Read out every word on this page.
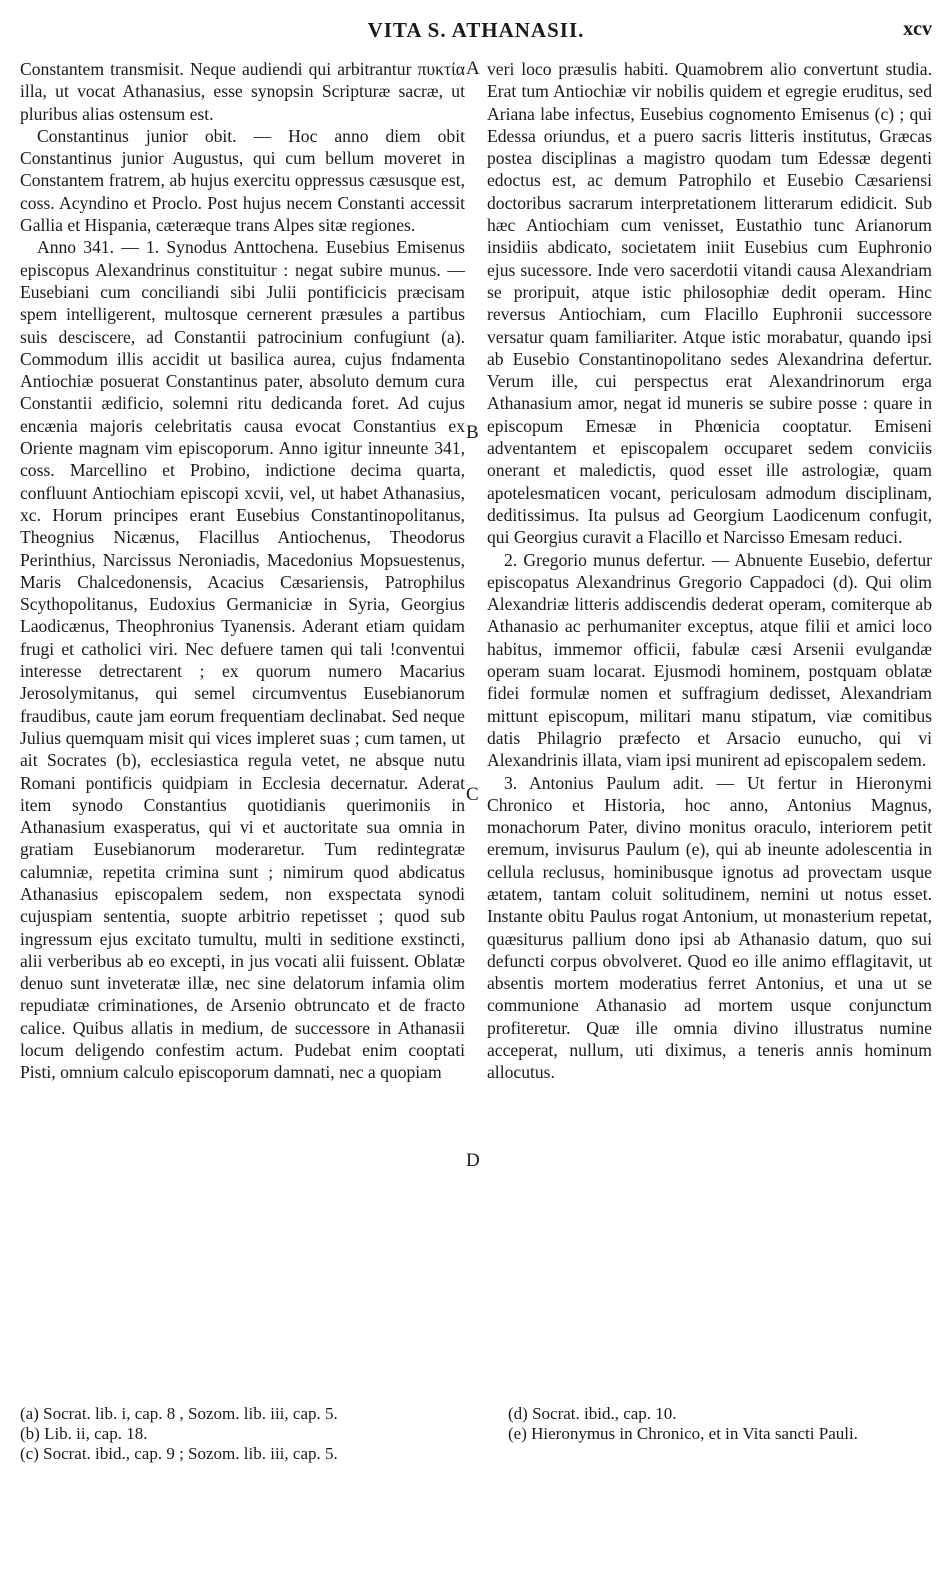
VITA S. ATHANASII.	xcv

Constantem transmisit. Neque audiendi qui arbitrantur πυκτία illa, ut vocat Athanasius, esse synopsin Scripturæ sacræ, ut pluribus alias ostensum est.

Constantinus junior obit. — Hoc anno diem obit Constantinus junior Augustus, qui cum bellum moveret in Constantem fratrem, ab hujus exercitu oppressus cæsusque est, coss. Acyndino et Proclo. Post hujus necem Constanti accessit Gallia et Hispania, cæteræque trans Alpes sitæ regiones.

Anno 341. — 1. Synodus Anttochena. Eusebius Emisenus episcopus Alexandrinus constituitur : negat subire munus. — Eusebiani cum conciliandi sibi Julii pontificicis præcisam spem intelligerent, multosque cernerent præsules a partibus suis desciscere, ad Constantii patrocinium confugiunt (a). Commodum illis accidit ut basilica aurea, cujus fndamenta Antiochiæ posuerat Constantinus pater, absoluto demum cura Constantii ædificio, solemni ritu dedicanda foret. Ad cujus encænia majoris celebritatis causa evocat Constantius ex Oriente magnam vim episcoporum. Anno igitur inneunte 341, coss. Marcellino et Probino, indictione decima quarta, confluunt Antiochiam episcopi xcvii, vel, ut habet Athanasius, xc. Horum principes erant Eusebius Constantinopolitanus, Theognius Nicænus, Flacillus Antiochenus, Theodorus Perinthius, Narcissus Neroniadis, Macedonius Mopsuestenus, Maris Chalcedonensis, Acacius Cæsariensis, Patrophilus Scythopolitanus, Eudoxius Germaniciæ in Syria, Georgius Laodicænus, Theophronius Tyanensis. Aderant etiam quidam frugi et catholici viri. Nec defuere tamen qui tali !conventui interesse detrectarent ; ex quorum numero Macarius Jerosolymitanus, qui semel circumventus Eusebianorum fraudibus, caute jam eorum frequentiam declinabat. Sed neque Julius quemquam misit qui vices impleret suas ; cum tamen, ut ait Socrates (b), ecclesiastica regula vetet, ne absque nutu Romani pontificis quidpiam in Ecclesia decernatur. Aderat item synodo Constantius quotidianis querimoniis in Athanasium exasperatus, qui vi et auctoritate sua omnia in gratiam Eusebianorum moderaretur. Tum redintegratæ calumniæ, repetita crimina sunt ; nimirum quod abdicatus Athanasius episcopalem sedem, non exspectata synodi cujuspiam sententia, suopte arbitrio repetisset ; quod sub ingressum ejus excitato tumultu, multi in seditione exstincti, alii verberibus ab eo excepti, in jus vocati alii fuissent. Oblatæ denuo sunt inveteratæ illæ, nec sine delatorum infamia olim repudiatæ criminationes, de Arsenio obtruncato et de fracto calice. Quibus allatis in medium, de successore in Athanasii locum deligendo confestim actum. Pudebat enim cooptati Pisti, omnium calculo episcoporum damnati, nec a quopiam

veri loco præsulis habiti. Quamobrem alio convertunt studia. Erat tum Antiochiæ vir nobilis quidem et egregie eruditus, sed Ariana labe infectus, Eusebius cognomento Emisenus (c) ; qui Edessa oriundus, et a puero sacris litteris institutus, Græcas postea disciplinas a magistro quodam tum Edessæ degenti edoctus est, ac demum Patrophilo et Eusebio Cæsariensi doctoribus sacrarum interpretationem litterarum edidicit. Sub hæc Antiochiam cum venisset, Eustathio tunc Arianorum insidiis abdicato, societatem iniit Eusebius cum Euphronio ejus sucessore. Inde vero sacerdotii vitandi causa Alexandriam se proripuit, atque istic philosophiæ dedit operam. Hinc reversus Antiochiam, cum Flacillo Euphronii successore versatur quam familiariter. Atque istic morabatur, quando ipsi ab Eusebio Constantinopolitano sedes Alexandrina defertur. Verum ille, cui perspectus erat Alexandrinorum erga Athanasium amor, negat id muneris se subire posse : quare in episcopum Emesæ in Phœnicia cooptatur. Emiseni adventantem et episcopalem occuparet sedem conviciis onerant et maledictis, quod esset ille astrologiæ, quam apotelesmaticen vocant, periculosam admodum disciplinam, deditissimus. Ita pulsus ad Georgium Laodicenum confugit, qui Georgius curavit a Flacillo et Narcisso Emesam reduci.

2. Gregorio munus defertur. — Abnuente Eusebio, defertur episcopatus Alexandrinus Gregorio Cappadoci (d). Qui olim Alexandriæ litteris addiscendis dederat operam, comiterque ab Athanasio ac perhumaniter exceptus, atque filii et amici loco habitus, immemor officii, fabulæ cæsi Arsenii evulgandæ operam suam locarat. Ejusmodi hominem, postquam oblatæ fidei formulæ nomen et suffragium dedisset, Alexandriam mittunt episcopum, militari manu stipatum, viæ comitibus datis Philagrio præfecto et Arsacio eunucho, qui vi Alexandrinis illata, viam ipsi munirent ad episcopalem sedem.

3. Antonius Paulum adit. — Ut fertur in Hieronymi Chronico et Historia, hoc anno, Antonius Magnus, monachorum Pater, divino monitus oraculo, interiorem petit eremum, invisurus Paulum (e), qui ab ineunte adolescentia in cellula reclusus, hominibusque ignotus ad provectam usque ætatem, tantam coluit solitudinem, nemini ut notus esset. Instante obitu Paulus rogat Antonium, ut monasterium repetat, quæsiturus pallium dono ipsi ab Athanasio datum, quo sui defuncti corpus obvolveret. Quod eo ille animo efflagitavit, ut absentis mortem moderatius ferret Antonius, et una ut se communione Athanasio ad mortem usque conjunctum profiteretur. Quæ ille omnia divino illustratus numine acceperat, nullum, uti diximus, a teneris annis hominum allocutus.

A
B
C
D
(a) Socrat. lib. i, cap. 8 , Sozom. lib. iii, cap. 5.
(b) Lib. ii, cap. 18.
(c) Socrat. ibid., cap. 9 ; Sozom. lib. iii, cap. 5.
(d) Socrat. ibid., cap. 10.
(e) Hieronymus in Chronico, et in Vita sancti Pauli.
